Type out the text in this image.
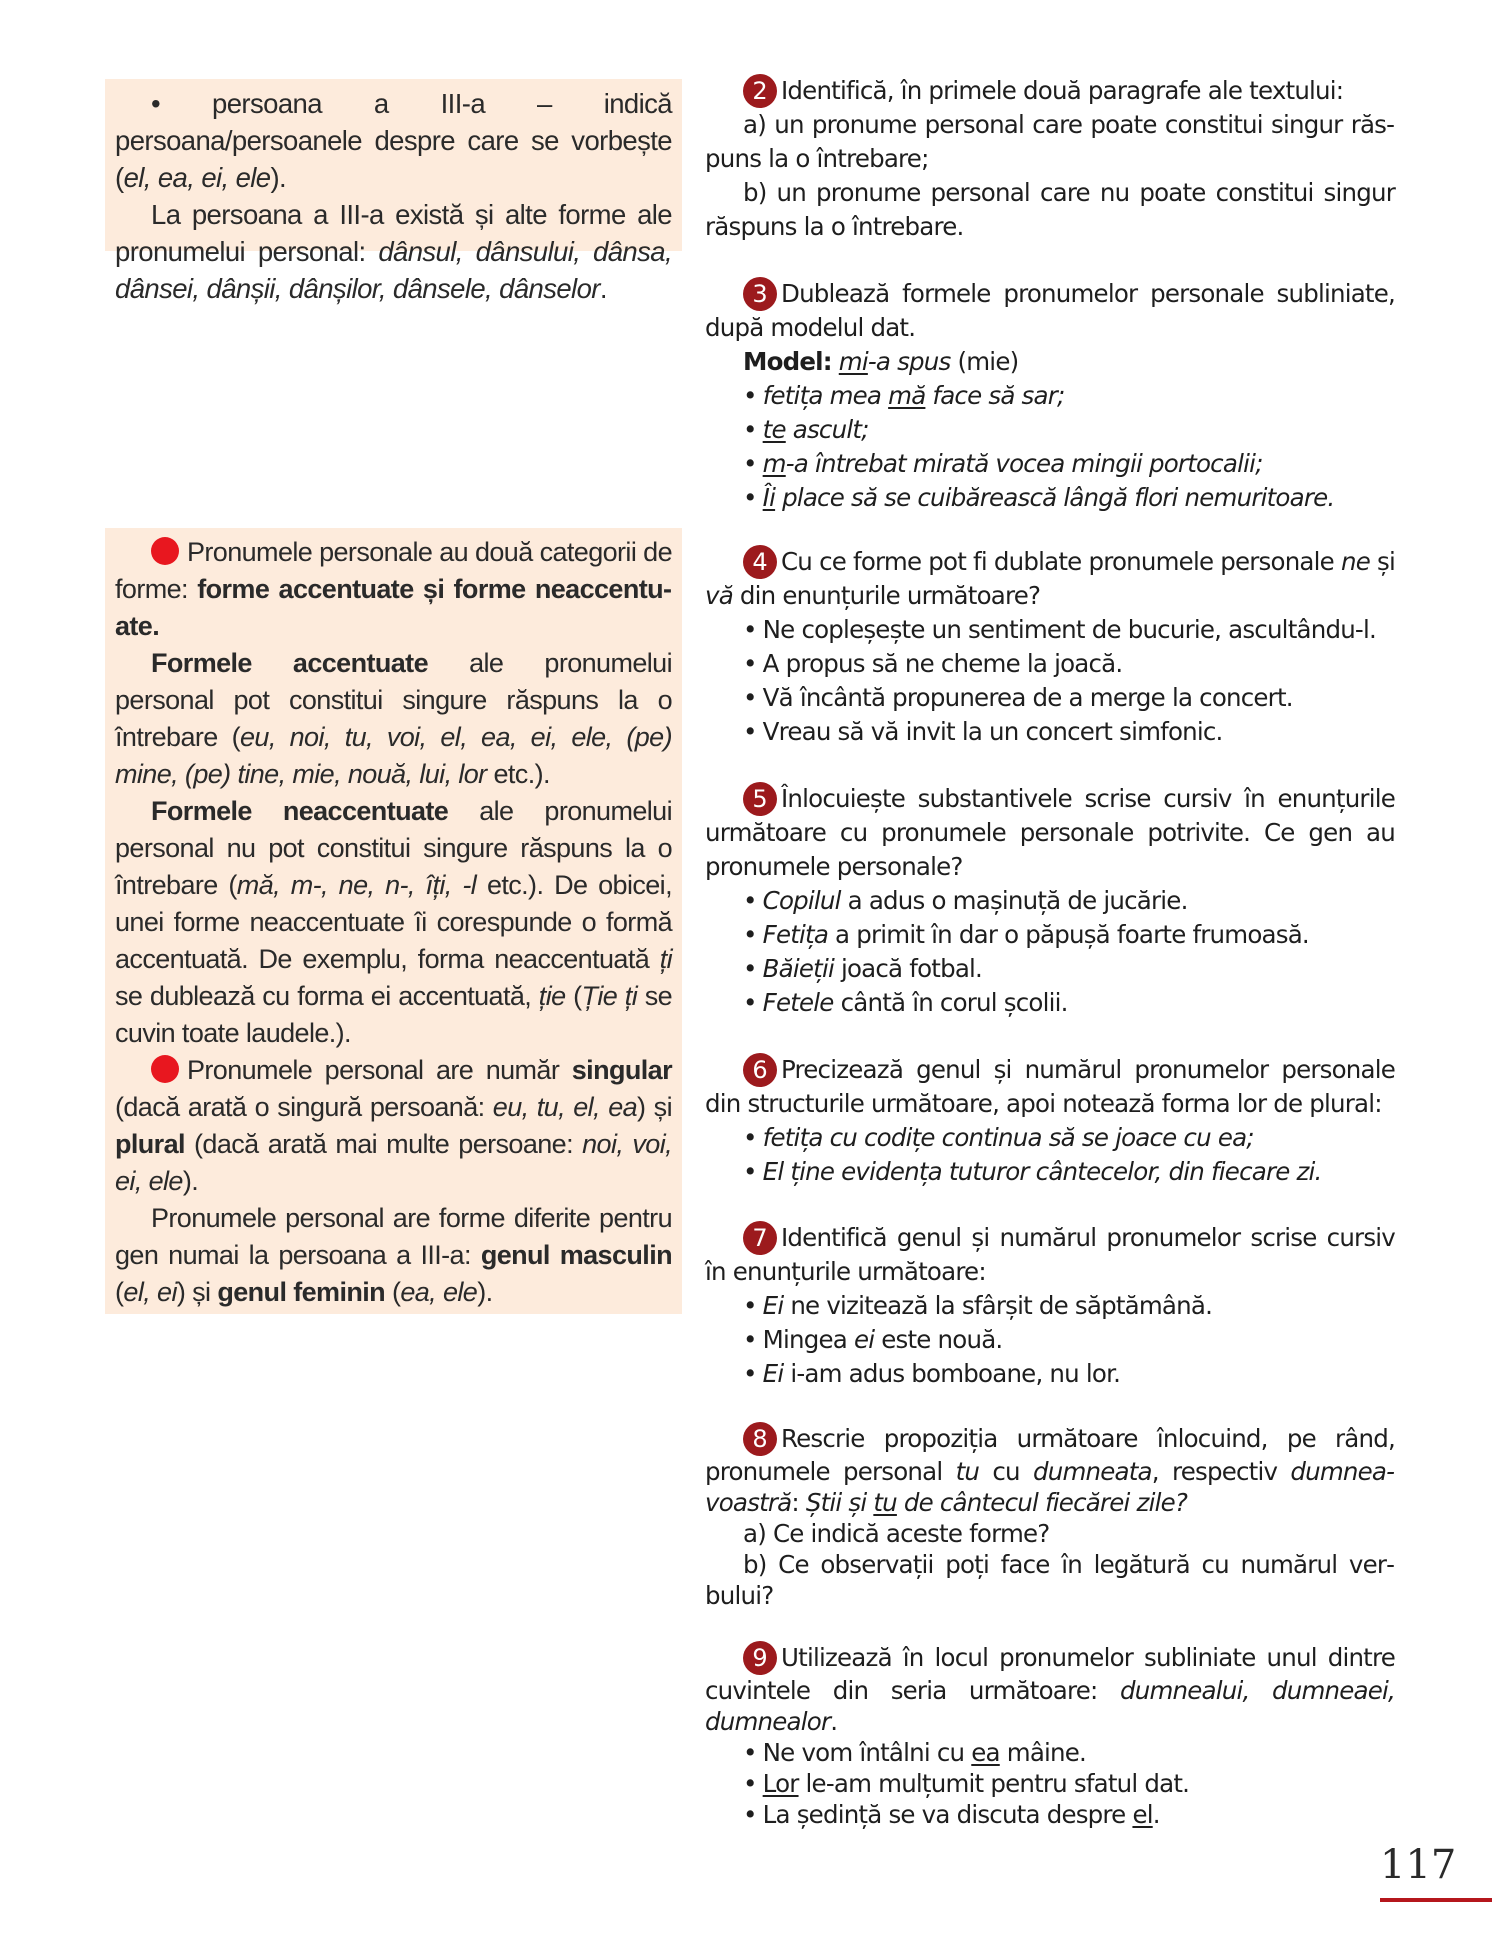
• persoana a III-a – indică persoana/persoanele despre care se vorbește (el, ea, ei, ele).

La persoana a III-a există și alte forme ale pronumelui personal: dânsul, dânsului, dânsa, dânsei, dânșii, dânșilor, dânsele, dânselor.

Pronumele personale au două categorii de forme: forme accentuate și forme neaccentuate.

Formele accentuate ale pronumelui personal pot constitui singure răspuns la o întrebare (eu, noi, tu, voi, el, ea, ei, ele, (pe) mine, (pe) tine, mie, nouă, lui, lor etc.).

Formele neaccentuate ale pronumelui personal nu pot constitui singure răspuns la o întrebare (mă, m-, ne, n-, îți, -l etc.). De obicei, unei forme neaccentuate îi corespunde o formă accentuată. De exemplu, forma neaccentuată ți se dublează cu forma ei accentuată, ție (Ție ți se cuvin toate laudele.).

Pronumele personal are număr singular (dacă arată o singură persoană: eu, tu, el, ea) și plural (dacă arată mai multe persoane: noi, voi, ei, ele).

Pronumele personal are forme diferite pentru gen numai la persoana a III-a: genul masculin (el, ei) și genul feminin (ea, ele).

2 Identifică, în primele două paragrafe ale textului:

a) un pronume personal care poate constitui singur răspuns la o întrebare;

b) un pronume personal care nu poate constitui singur răspuns la o întrebare.

3 Dublează formele pronumelor personale subliniate, după modelul dat.

Model: mi-a spus (mie)

• fetița mea mă face să sar;

• te ascult;

• m-a întrebat mirată vocea mingii portocalii;

• Îi place să se cuibărească lângă flori nemuritoare.

4 Cu ce forme pot fi dublate pronumele personale ne și vă din enunțurile următoare?

• Ne copleșește un sentiment de bucurie, ascultându-l.

• A propus să ne cheme la joacă.

• Vă încântă propunerea de a merge la concert.

• Vreau să vă invit la un concert simfonic.

5 Înlocuiește substantivele scrise cursiv în enunțurile următoare cu pronumele personale potrivite. Ce gen au pronumele personale?

• Copilul a adus o mașinuță de jucărie.

• Fetița a primit în dar o păpușă foarte frumoasă.

• Băieții joacă fotbal.

• Fetele cântă în corul școlii.

6 Precizează genul și numărul pronumelor personale din structurile următoare, apoi notează forma lor de plural:

• fetița cu codițe continua să se joace cu ea;

• El ține evidența tuturor cântecelor, din fiecare zi.

7 Identifică genul și numărul pronumelor scrise cursiv în enunțurile următoare:

• Ei ne vizitează la sfârșit de săptămână.

• Mingea ei este nouă.

• Ei i-am adus bomboane, nu lor.

8 Rescrie propoziția următoare înlocuind, pe rând, pronumele personal tu cu dumneata, respectiv dumneavoastră: Știi și tu de cântecul fiecărei zile?

a) Ce indică aceste forme?

b) Ce observații poți face în legătură cu numărul verbului?

9 Utilizează în locul pronumelor subliniate unul dintre cuvintele din seria următoare: dumnealui, dumneaei, dumnealor.

• Ne vom întâlni cu ea mâine.

• Lor le-am mulțumit pentru sfatul dat.

• La ședință se va discuta despre el.

117
